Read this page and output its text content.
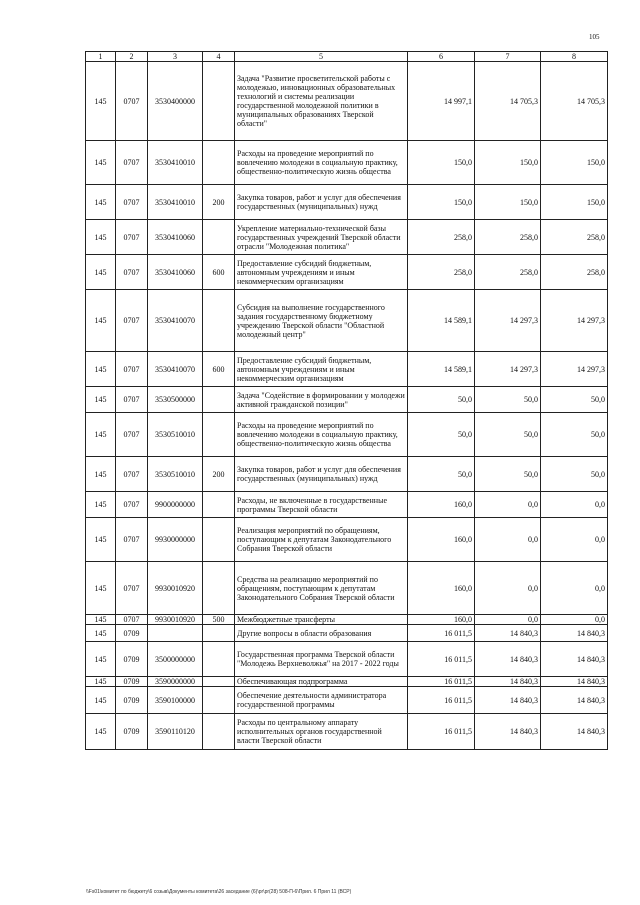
105
1	2	3	4	5	6	7	8
145	0707	3530400000		Задача "Развитие просветительской работы с молодежью, инновационных образовательных технологий и системы реализации государственной молодежной политики в муниципальных образованиях Тверской области"	14 997,1	14 705,3	14 705,3
145	0707	3530410010		Расходы на проведение мероприятий по вовлечению молодежи в социальную практику, общественно-политическую жизнь общества	150,0	150,0	150,0
145	0707	3530410010	200	Закупка товаров, работ и услуг для обеспечения государственных (муниципальных) нужд	150,0	150,0	150,0
145	0707	3530410060		Укрепление материально-технической базы государственных учреждений Тверской области отрасли "Молодежная политика"	258,0	258,0	258,0
145	0707	3530410060	600	Предоставление субсидий бюджетным, автономным учреждениям и иным некоммерческим организациям	258,0	258,0	258,0
145	0707	3530410070		Субсидия на выполнение государственного задания государственному бюджетному учреждению Тверской области "Областной молодежный центр"	14 589,1	14 297,3	14 297,3
145	0707	3530410070	600	Предоставление субсидий бюджетным, автономным учреждениям и иным некоммерческим организациям	14 589,1	14 297,3	14 297,3
145	0707	3530500000		Задача "Содействие в формировании у молодежи активной гражданской позиции"	50,0	50,0	50,0
145	0707	3530510010		Расходы на проведение мероприятий по вовлечению молодежи в социальную практику, общественно-политическую жизнь общества	50,0	50,0	50,0
145	0707	3530510010	200	Закупка товаров, работ и услуг для обеспечения государственных (муниципальных) нужд	50,0	50,0	50,0
145	0707	9900000000		Расходы, не включенные в государственные программы Тверской области	160,0	0,0	0,0
145	0707	9930000000		Реализация мероприятий по обращениям, поступающим к депутатам Законодательного Собрания Тверской области	160,0	0,0	0,0
145	0707	9930010920		Средства на реализацию мероприятий по обращениям, поступающим к депутатам Законодательного Собрания Тверской области	160,0	0,0	0,0
145	0707	9930010920	500	Межбюджетные трансферты	160,0	0,0	0,0
145	0709			Другие вопросы в области образования	16 011,5	14 840,3	14 840,3
145	0709	3500000000		Государственная программа Тверской области "Молодежь Верхневолжья" на 2017 - 2022 годы	16 011,5	14 840,3	14 840,3
145	0709	3590000000		Обеспечивающая подпрограмма	16 011,5	14 840,3	14 840,3
145	0709	3590100000		Обеспечение деятельности администратора государственной программы	16 011,5	14 840,3	14 840,3
145	0709	3590110120		Расходы по центральному аппарату исполнительных органов государственной власти Тверской области	16 011,5	14 840,3	14 840,3
\\Fs01\комитет по бюджету\6 созыв\Документы комитета\26 заседание (6)\pr\pr(28) 508-П-6\Прил. 6 Прил 11 (ВСР)
